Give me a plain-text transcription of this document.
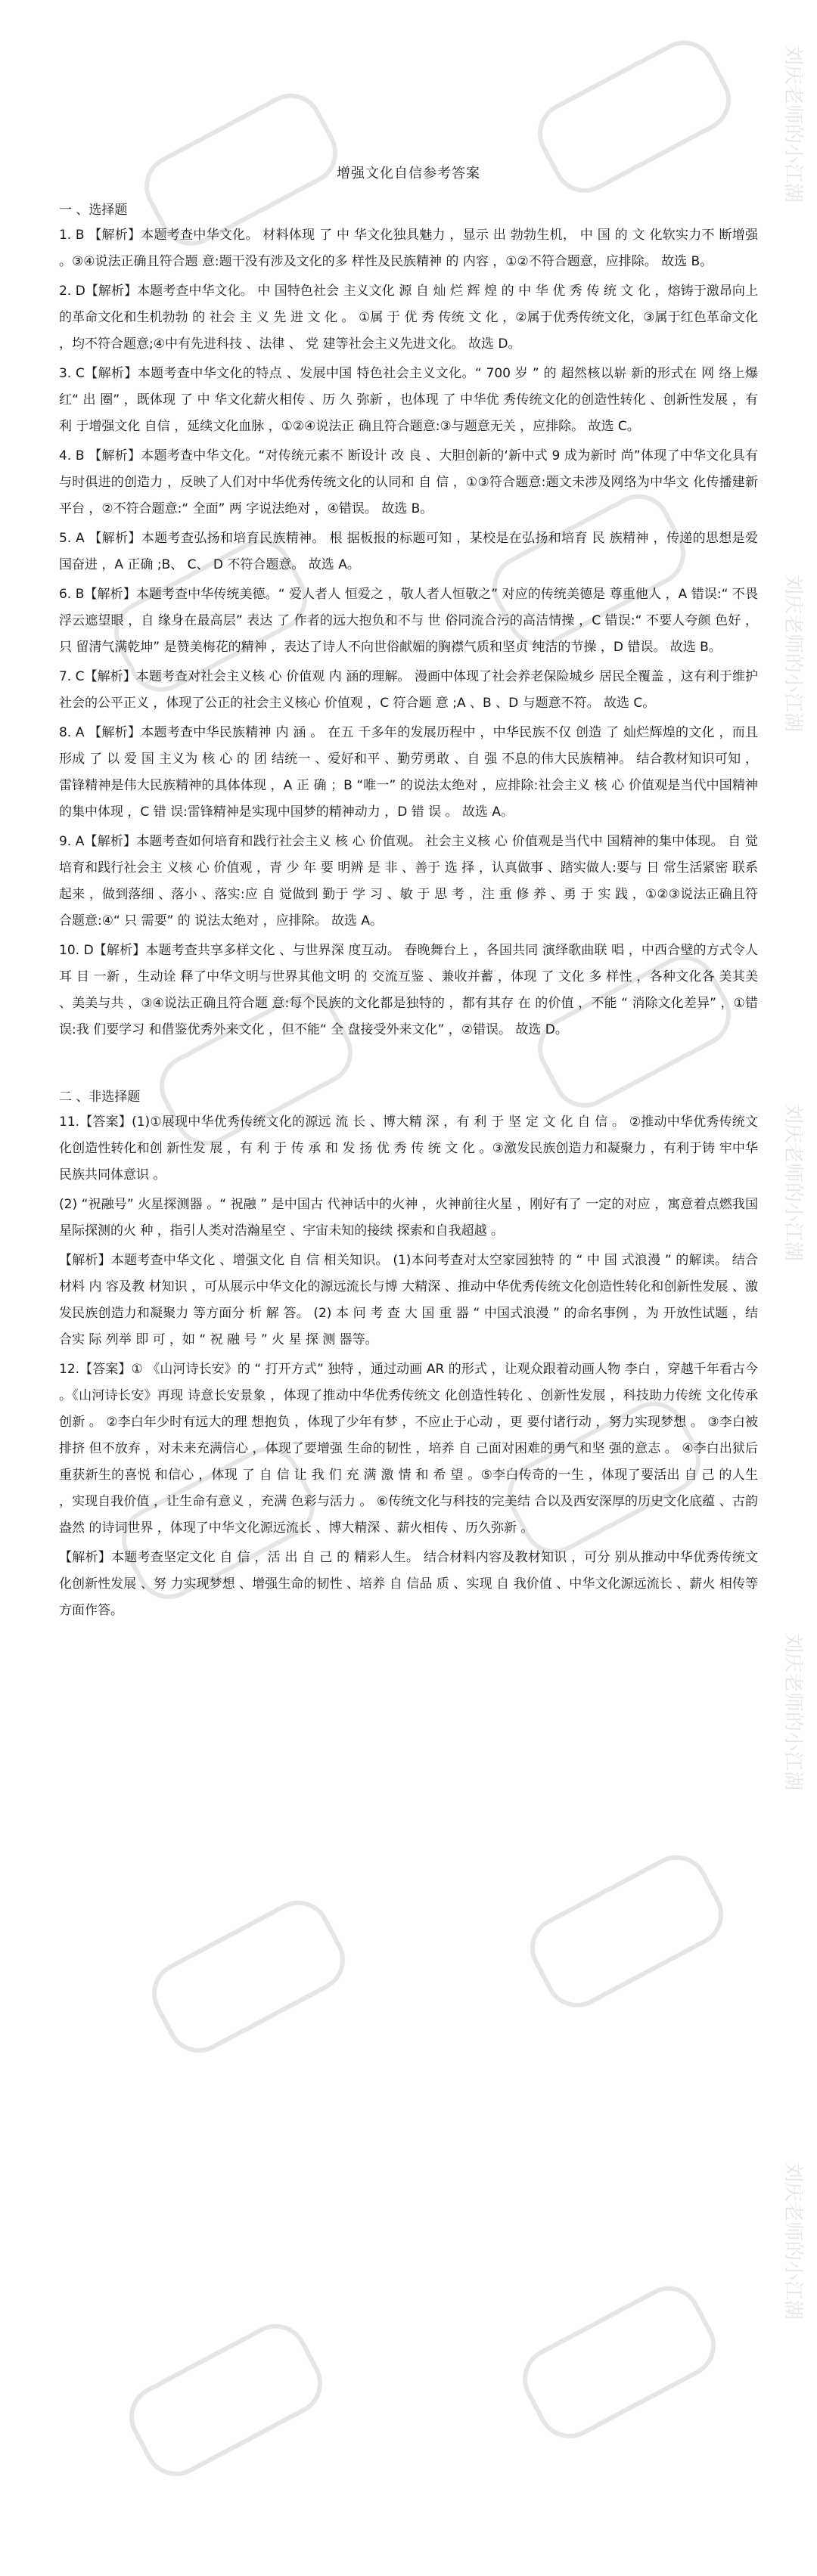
刘庆老师的小江湖
刘庆老师的小江湖
刘庆老师的小江湖
刘庆老师的小江湖
刘庆老师的小江湖
增强文化自信参考答案
一 、选择题

1. B 【解析】本题考查中华文化。 材料体现 了 中 华文化独具魅力 ，显示 出 勃勃生机， 中 国 的 文 化软实力不 断增强 。③④说法正确且符合题 意:题干没有涉及文化的多 样性及民族精神 的 内容 ，①②不符合题意，应排除。 故选 B。

2. D【解析】本题考查中华文化。 中 国特色社会 主义文化 源 自 灿 烂 辉 煌 的 中 华 优 秀 传 统 文 化 ，熔铸于激昂向上的革命文化和生机勃勃 的 社会 主 义 先 进 文 化 。 ①属 于 优 秀 传统 文 化 ，②属于优秀传统文化，③属于红色革命文化 ，均不符合题意;④中有先进科技 、法律 、 党 建等社会主义先进文化。 故选 D。

3. C【解析】本题考查中华文化的特点 、发展中国 特色社会主义文化。“ 700 岁 ” 的 超然核以崭 新的形式在 网 络上爆红“ 出 圈” ，既体现 了 中 华文化薪火相传 、历 久 弥新 ，也体现 了 中华优 秀传统文化的创造性转化 、创新性发展 ，有利 于增强文化 自信 ，延续文化血脉 ，①②④说法正 确且符合题意:③与题意无关 ，应排除。 故选 C。

4. B 【解析】本题考查中华文化。“对传统元素不 断设计 改 良 、大胆创新的‘新中式 9 成为新时 尚”体现了中华文化具有与时俱进的创造力 ，反映了人们对中华优秀传统文化的认同和 自 信 ，①③符合题意:题文未涉及网络为中华文 化传播建新平台 ，②不符合题意:“ 全面” 两 字说法绝对 ，④错误。 故选 B。

5. A 【解析】本题考查弘扬和培育民族精神。 根 据板报的标题可知 ，某校是在弘扬和培育 民 族精神 ，传递的思想是爱 国奋进 ，A 正确 ;B、 C、 D 不符合题意。 故选 A。

6. B【解析】本题考查中华传统美德。“ 爱人者人 恒爱之 ，敬人者人恒敬之” 对应的传统美德是 尊重他人 ，A 错误:“ 不畏浮云遮望眼 ，自 缘身在最高层” 表达 了 作者的远大抱负和不与 世 俗同流合污的高洁情操 ，C 错误:“ 不要人夸颜 色好 ，只 留清气满乾坤” 是赞美梅花的精神 ，表达了诗人不向世俗献媚的胸襟气质和坚贞 纯洁的节操 ，D 错误。 故选 B。

7. C【解析】本题考查对社会主义核 心 价值观 内 涵的理解。 漫画中体现了社会养老保险城乡 居民全覆盖 ，这有利于维护社会的公平正义 ，体现了公正的社会主义核心 价值观 ，C 符合题 意 ;A 、B 、D 与题意不符。 故选 C。

8. A 【解析】本题考查中华民族精神 内 涵 。 在五 千多年的发展历程中 ，中华民族不仅 创造 了 灿烂辉煌的文化 ，而且形成 了 以 爱 国 主义为 核 心 的 团 结统一 、爱好和平 、勤劳勇敢 、自 强 不息的伟大民族精神。 结合教材知识可知 ，雷锋精神是伟大民族精神的具体体现 ，A 正 确 ；B “唯一” 的说法太绝对 ，应排除:社会主义 核 心 价值观是当代中国精神的集中体现 ，C 错 误:雷锋精神是实现中国梦的精神动力 ，D 错 误 。 故选 A。

9. A【解析】本题考查如何培育和践行社会主义 核 心 价值观。 社会主义核 心 价值观是当代中 国精神的集中体现。 自 觉培育和践行社会主 义核 心 价值观 ，青 少 年 要 明辨 是 非 、善于 选 择 ，认真做事 、踏实做人:要与 日 常生活紧密 联系起来 ，做到落细 、落小 、落实:应 自 觉做到 勤于 学 习 、敏 于 思 考 ，注 重 修 养 、勇 于 实 践 ，①②③说法正确且符合题意:④“ 只 需要” 的 说法太绝对 ，应排除。 故选 A。

10. D【解析】本题考查共享多样文化 、与世界深 度互动。 春晚舞台上 ，各国共同 演绎歌曲联 唱 ，中西合璧的方式令人耳 目 一新 ，生动诠 释了中华文明与世界其他文明 的 交流互鉴 、兼收并蓄 ，体现 了 文化 多 样性 ，各种文化各 美其美 、美美与共 ，③④说法正确且符合题 意:每个民族的文化都是独特的 ，都有其存 在 的价值 ，不能 “ 消除文化差异” ，①错误:我 们要学习 和借鉴优秀外来文化 ，但不能“ 全 盘接受外来文化” ，②错误。 故选 D。

二 、非选择题

11.【答案】(1)①展现中华优秀传统文化的源远 流 长 、博大精 深 ，有 利 于 坚 定 文 化 自 信 。 ②推动中华优秀传统文化创造性转化和创 新性发 展 ，有 利 于 传 承 和 发 扬 优 秀 传 统 文 化 。③激发民族创造力和凝聚力 ，有利于铸 牢中华民族共同体意识 。

(2) “祝融号” 火星探测器 。“ 祝融 ” 是中国古 代神话中的火神 ，火神前往火星 ，刚好有了 一定的对应 ，寓意着点燃我国星际探测的火 种 ，指引人类对浩瀚星空 、宇宙未知的接续 探索和自我超越 。

【解析】本题考查中华文化 、增强文化 自 信 相关知识。 (1)本问考查对太空家园独特 的 “ 中 国 式浪漫 ” 的解读。 结合材料 内 容及教 材知识 ，可从展示中华文化的源远流长与博 大精深 、推动中华优秀传统文化创造性转化和创新性发展 、激发民族创造力和凝聚力 等方面分 析 解 答。 (2) 本 问 考 查 大 国 重 器 “ 中国式浪漫 ” 的命名事例 ，为 开放性试题 ，结合实 际 列举 即 可 ，如 “ 祝 融 号 ” 火 星 探 测 器等。

12.【答案】① 《山河诗长安》的 “ 打开方式” 独特 ，通过动画 AR 的形式 ，让观众跟着动画人物 李白 ，穿越千年看古今 。《山河诗长安》再现 诗意长安景象 ，体现了推动中华优秀传统文 化创造性转化 、创新性发展 ，科技助力传统 文化传承创新 。 ②李白年少时有远大的理 想抱负 ，体现了少年有梦 ，不应止于心动 ，更 要付诸行动 ，努力实现梦想 。 ③李白被排挤 但不放弃 ，对未来充满信心 ，体现了要增强 生命的韧性 ，培养 自 己面对困难的勇气和坚 强的意志 。 ④李白出狱后重获新生的喜悦 和信心 ，体现 了 自 信 让 我 们 充 满 激 情 和 希 望 。⑤李白传奇的一生 ，体现了要活出 自 己 的人生 ，实现自我价值 ，让生命有意义 ，充满 色彩与活力 。 ⑥传统文化与科技的完美结 合以及西安深厚的历史文化底蕴 、古韵盎然 的诗词世界 ，体现了中华文化源远流长 、博大精深 、薪火相传 、历久弥新 。

【解析】本题考查坚定文化 自 信 ，活 出 自 己 的 精彩人生。 结合材料内容及教材知识 ，可分 别从推动中华优秀传统文化创新性发展 、努 力实现梦想 、增强生命的韧性 、培养 自 信品 质 、实现 自 我价值 、中华文化源远流长 、薪火 相传等方面作答。
